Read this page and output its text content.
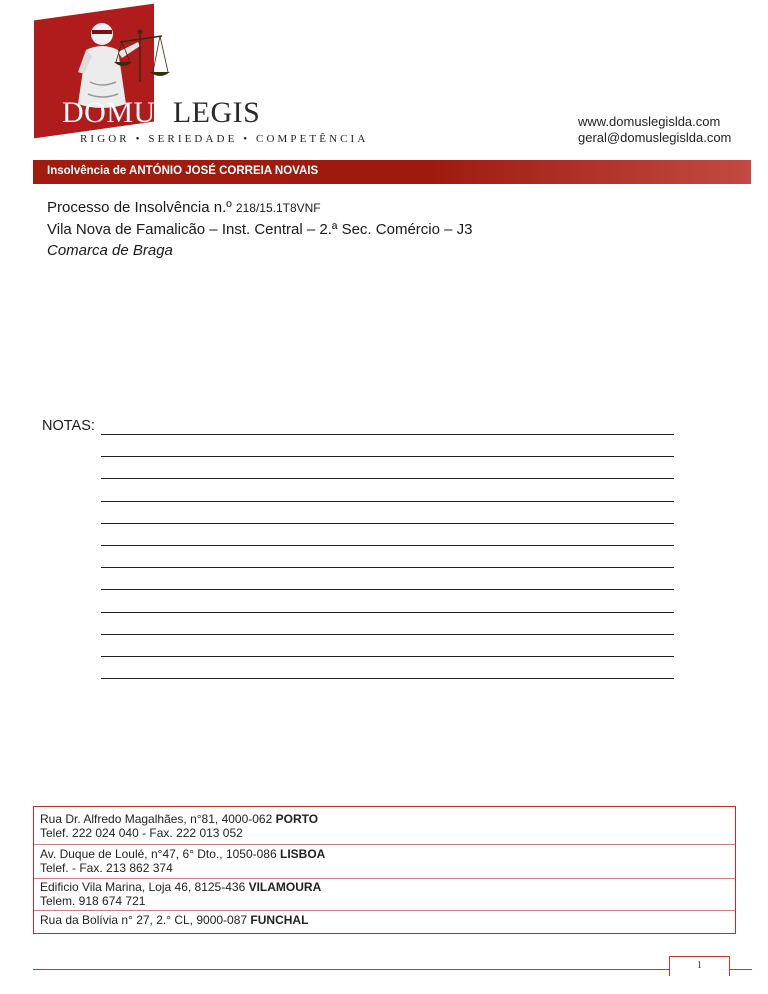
DOMUSLEGIS
RIGOR • SERIEDADE • COMPETÊNCIA
www.domuslegislda.com
geral@domuslegislda.com
Insolvência de ANTÓNIO JOSÉ CORREIA NOVAIS
Processo de Insolvência n.º 218/15.1T8VNF
Vila Nova de Famalicão – Inst. Central – 2.ª Sec. Comércio – J3
Comarca de Braga
NOTAS:
Rua Dr. Alfredo Magalhães, n°81, 4000-062 PORTO
Telef. 222 024 040 - Fax. 222 013 052
Av. Duque de Loulé, n°47, 6° Dto., 1050-086 LISBOA
Telef. - Fax. 213 862 374
Edificio Vila Marina, Loja 46, 8125-436 VILAMOURA
Telem. 918 674 721
Rua da Bolívia n° 27, 2.° CL, 9000-087 FUNCHAL
1
